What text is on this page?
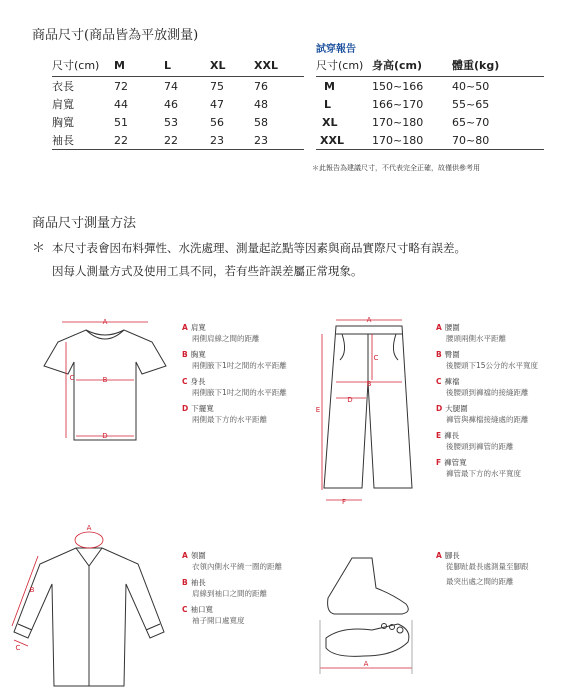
商品尺寸(商品皆為平放測量)
尺寸(cm)	M	L	XL	XXL
衣長	72	74	75	76
肩寬	44	46	47	48
胸寬	51	53	56	58
袖長	22	22	23	23
試穿報告
尺寸(cm)	身高(cm)	體重(kg)
M	150~166	40~50
L	166~170	55~65
XL	170~180	65~70
XXL	170~180	70~80
＊此報告為建議尺寸，不代表完全正確，故僅供參考用
商品尺寸測量方法
＊ 本尺寸表會因布料彈性、水洗處理、測量起訖點等因素與商品實際尺寸略有誤差。
因每人測量方式及使用工具不同，若有些許誤差屬正常現象。
A
B
C
D
A 肩寬
兩側肩線之間的距離
B 胸寬
兩側腋下1吋之間的水平距離
C 身長
兩側腋下1吋之間的水平距離
D 下擺寬
兩側最下方的水平距離
A
B
C
D
E
F
A 腰圍
腰頭兩側水平距離
B 臀圍
後腰頭下15公分的水平寬度
C 褲襠
後腰頭到褲襠的接縫距離
D 大腿圍
褲管與褲檔接縫處的距離
E 褲長
後腰頭到褲管的距離
F 褲管寬
褲管最下方的水平寬度
A
B
C
A 領圍
衣領內側水平繞一圈的距離
B 袖長
肩線到袖口之間的距離
C 袖口寬
袖子開口處寬度
A
A 腳長
從腳趾最長處測量至腳跟
最突出處之間的距離
